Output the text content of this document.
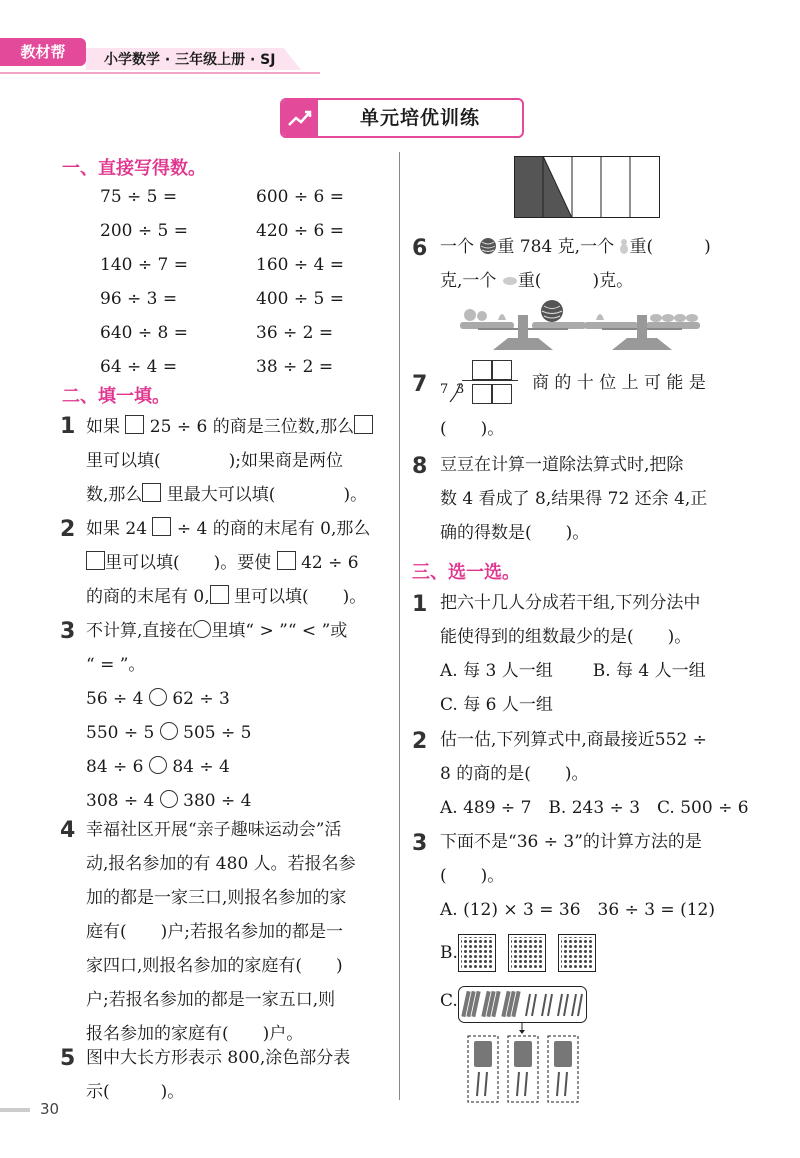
教材帮	小学数学 · 三年级上册 · SJ
单元培优训练
一、直接写得数。
75 ÷ 5 =
200 ÷ 5 =
140 ÷ 7 =
96 ÷ 3 =
640 ÷ 8 =
64 ÷ 4 =
600 ÷ 6 =
420 ÷ 6 =
160 ÷ 4 =
400 ÷ 5 =
36 ÷ 2 =
38 ÷ 2 =
二、填一填。
1 如果  25 ÷ 6 的商是三位数,那么
里可以填(　　　　);如果商是两位
数,那么 里最大可以填(　　　　)。
2 如果 24  ÷ 4 的商的末尾有 0,那么
里可以填(　　)。要使  42 ÷ 6
的商的末尾有 0, 里可以填(　　)。
3 不计算,直接在 里填“ > ”“ < ”或
“ = ”。
56 ÷ 4 62 ÷ 3
550 ÷ 5 505 ÷ 5
84 ÷ 6 84 ÷ 4
308 ÷ 4 380 ÷ 4
4 幸福社区开展“亲子趣味运动会”活
动,报名参加的有 480 人。若报名参
加的都是一家三口,则报名参加的家
庭有(　　)户;若报名参加的都是一
家四口,则报名参加的家庭有(　　)
户;若报名参加的都是一家五口,则
报名参加的家庭有(　　)户。
5 图中大长方形表示 800,涂色部分表
示(　　　)。
6 一个 重 784 克,一个 重(　　　)
克,一个 重(　　　)克。
7 7 3	商 的 十 位 上 可 能 是
(　　)。
8 豆豆在计算一道除法算式时,把除
数 4 看成了 8,结果得 72 还余 4,正
确的得数是(　　)。
三、选一选。
1 把六十几人分成若干组,下列分法中
能使得到的组数最少的是(　　)。
A. 每 3 人一组 B. 每 4 人一组
C. 每 6 人一组
2 估一估,下列算式中,商最接近552 ÷
8 的商的是(　　)。
A. 489 ÷ 7　B. 243 ÷ 3　C. 500 ÷ 6
3 下面不是“36 ÷ 3”的计算方法的是
(　　)。
A. (12) × 3 = 36　36 ÷ 3 = (12)
B.
C.
30
